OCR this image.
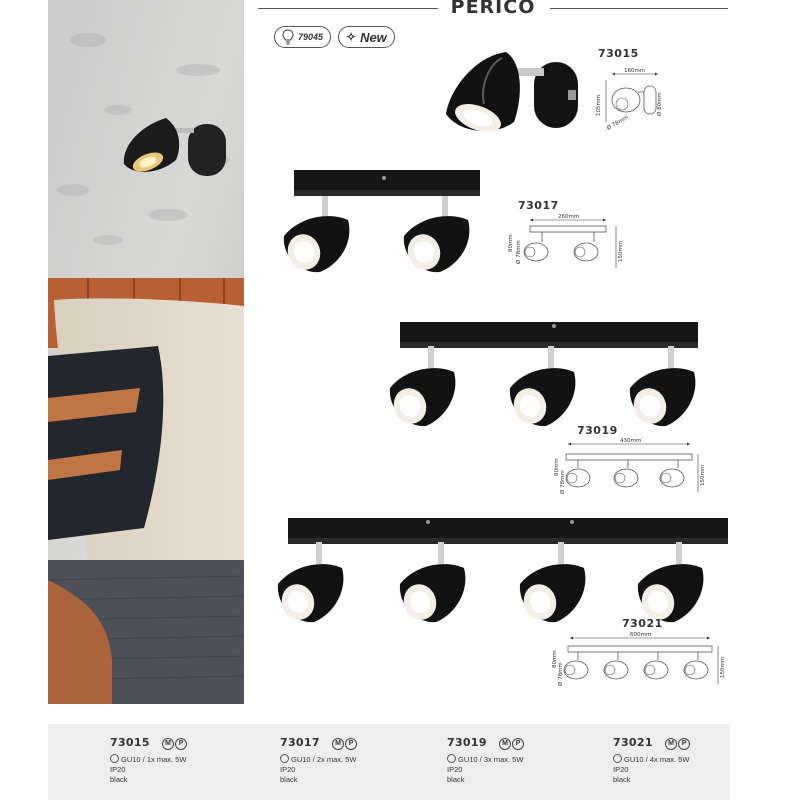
PERICO
79045 ✧ New
73015
160mm
105mm	Ø 80mm
Ø 78mm
73017
260mm
150mm
80mm Ø 78mm
73019
430mm
150mm
80mm
Ø 78mm
73021
600mm
150mm
80mm
Ø 78mm
73015 M P
GU10 / 1x max. 5W
IP20
black
73017 M P
GU10 / 2x max. 5W
IP20
black
73019 M P
GU10 / 3x max. 5W
IP20
black
73021 M P
GU10 / 4x max. 5W
IP20
black
